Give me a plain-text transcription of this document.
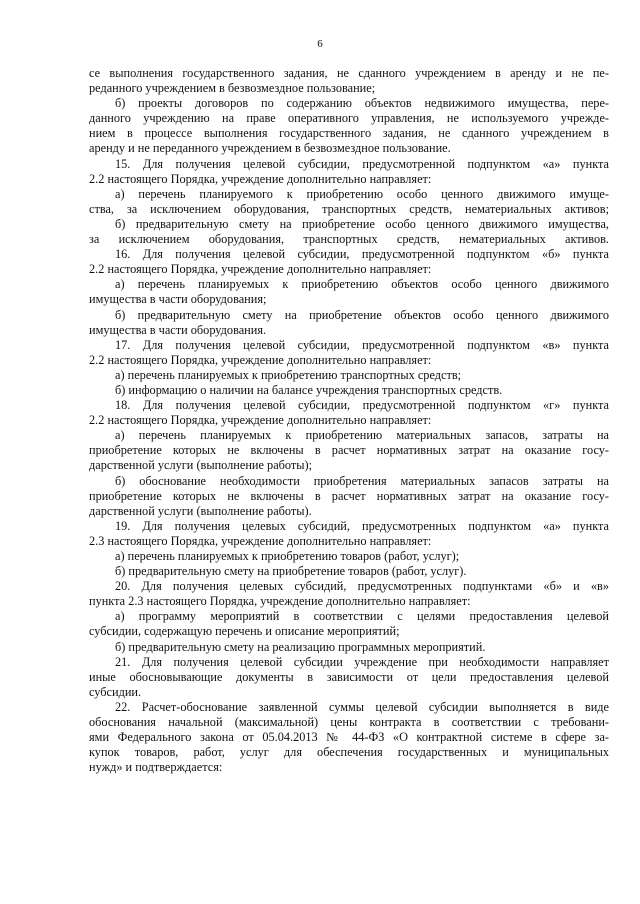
6
се выполнения государственного задания, не сданного учреждением в аренду и не пе-
реданного учреждением в безвозмездное пользование;
б) проекты договоров по содержанию объектов недвижимого имущества, пере-
данного учреждению на праве оперативного управления, не используемого учрежде-
нием в процессе выполнения государственного задания, не сданного учреждением в
аренду и не переданного учреждением в безвозмездное пользование.
15. Для получения целевой субсидии, предусмотренной подпунктом «а» пункта
2.2 настоящего Порядка, учреждение дополнительно направляет:
а) перечень планируемого к приобретению особо ценного движимого имуще-
ства, за исключением оборудования, транспортных средств, нематериальных активов;
б) предварительную смету на приобретение особо ценного движимого имущества,
за исключением оборудования, транспортных средств, нематериальных активов.
16. Для получения целевой субсидии, предусмотренной подпунктом «б» пункта
2.2 настоящего Порядка, учреждение дополнительно направляет:
а) перечень планируемых к приобретению объектов особо ценного движимого
имущества в части оборудования;
б) предварительную смету на приобретение объектов особо ценного движимого
имущества в части оборудования.
17. Для получения целевой субсидии, предусмотренной подпунктом «в» пункта
2.2 настоящего Порядка, учреждение дополнительно направляет:
а) перечень планируемых к приобретению транспортных средств;
б) информацию о наличии на балансе учреждения транспортных средств.
18. Для получения целевой субсидии, предусмотренной подпунктом «г» пункта
2.2 настоящего Порядка, учреждение дополнительно направляет:
а) перечень планируемых к приобретению материальных запасов, затраты на
приобретение которых не включены в расчет нормативных затрат на оказание госу-
дарственной услуги (выполнение работы);
б) обоснование необходимости приобретения материальных запасов затраты на
приобретение которых не включены в расчет нормативных затрат на оказание госу-
дарственной услуги (выполнение работы).
19. Для получения целевых субсидий, предусмотренных подпунктом «а» пункта
2.3 настоящего Порядка, учреждение дополнительно направляет:
а) перечень планируемых к приобретению товаров (работ, услуг);
б) предварительную смету на приобретение товаров (работ, услуг).
20. Для получения целевых субсидий, предусмотренных подпунктами «б» и «в»
пункта 2.3 настоящего Порядка, учреждение дополнительно направляет:
а) программу мероприятий в соответствии с целями предоставления целевой
субсидии, содержащую перечень и описание мероприятий;
б) предварительную смету на реализацию программных мероприятий.
21. Для получения целевой субсидии учреждение при необходимости направляет
иные обосновывающие документы в зависимости от цели предоставления целевой
субсидии.
22. Расчет-обоснование заявленной суммы целевой субсидии выполняется в виде
обоснования начальной (максимальной) цены контракта в соответствии с требовани-
ями Федерального закона от 05.04.2013 № 44-ФЗ «О контрактной системе в сфере за-
купок товаров, работ, услуг для обеспечения государственных и муниципальных
нужд» и подтверждается:
